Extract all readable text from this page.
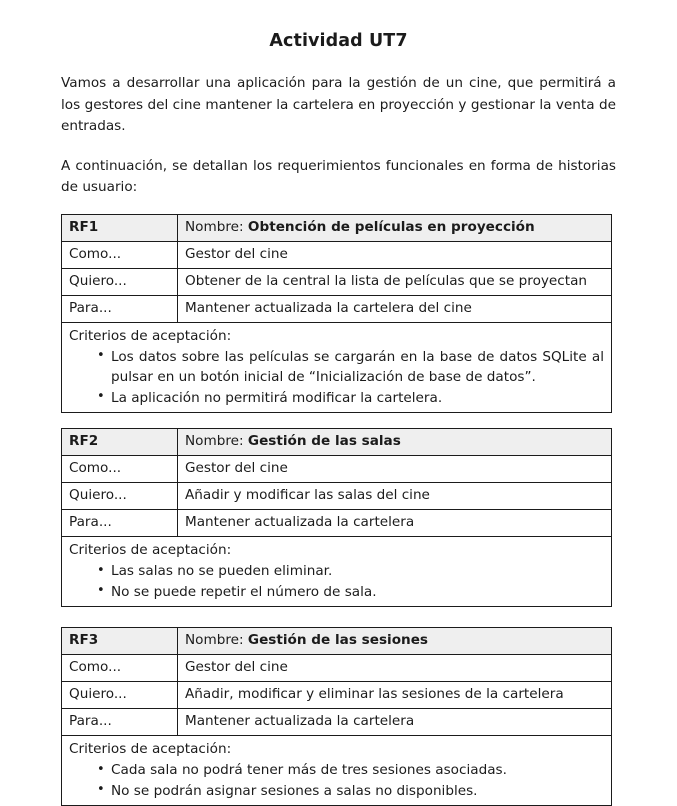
Actividad UT7

Vamos a desarrollar una aplicación para la gestión de un cine, que permitirá a los gestores del cine mantener la cartelera en proyección y gestionar la venta de entradas.

A continuación, se detallan los requerimientos funcionales en forma de historias de usuario:

RF1	Nombre: Obtención de películas en proyección
Como...	Gestor del cine
Quiero...	Obtener de la central la lista de películas que se proyectan
Para...	Mantener actualizada la cartelera del cine

Criterios de aceptación:
• Los datos sobre las películas se cargarán en la base de datos SQLite al pulsar en un botón inicial de “Inicialización de base de datos”.
• La aplicación no permitirá modificar la cartelera.
RF2	Nombre: Gestión de las salas
Como...	Gestor del cine
Quiero...	Añadir y modificar las salas del cine
Para...	Mantener actualizada la cartelera

Criterios de aceptación:
• Las salas no se pueden eliminar.
• No se puede repetir el número de sala.
RF3	Nombre: Gestión de las sesiones
Como...	Gestor del cine
Quiero...	Añadir, modificar y eliminar las sesiones de la cartelera
Para...	Mantener actualizada la cartelera

Criterios de aceptación:
• Cada sala no podrá tener más de tres sesiones asociadas.
• No se podrán asignar sesiones a salas no disponibles.
